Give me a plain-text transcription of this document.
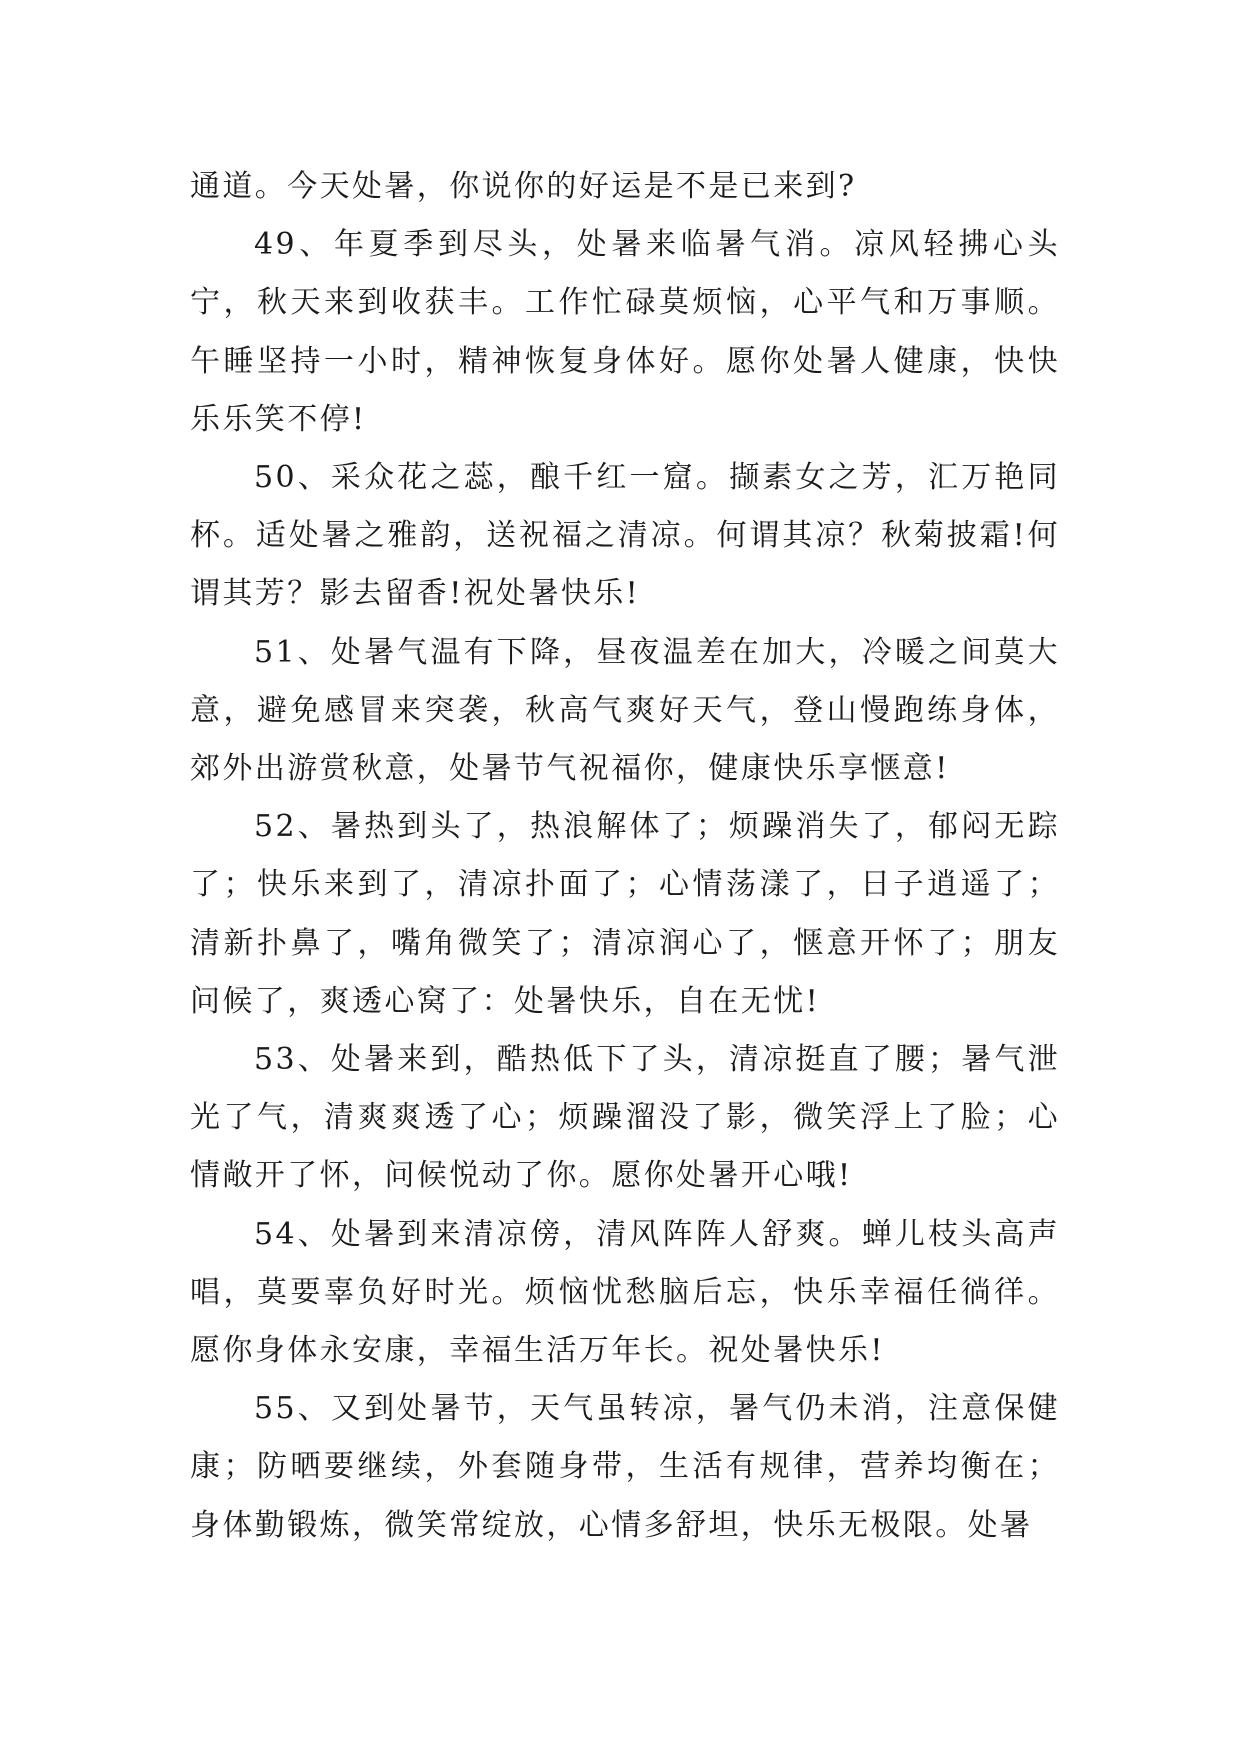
通道。今天处暑，你说你的好运是不是已来到?

49、年夏季到尽头，处暑来临暑气消。凉风轻拂心头宁，秋天来到收获丰。工作忙碌莫烦恼，心平气和万事顺。午睡坚持一小时，精神恢复身体好。愿你处暑人健康，快快乐乐笑不停!

50、采众花之蕊，酿千红一窟。撷素女之芳，汇万艳同杯。适处暑之雅韵，送祝福之清凉。何谓其凉？秋菊披霜!何谓其芳？影去留香!祝处暑快乐!

51、处暑气温有下降，昼夜温差在加大，冷暖之间莫大意，避免感冒来突袭，秋高气爽好天气，登山慢跑练身体，郊外出游赏秋意，处暑节气祝福你，健康快乐享惬意!

52、暑热到头了，热浪解体了；烦躁消失了，郁闷无踪了；快乐来到了，清凉扑面了；心情荡漾了，日子逍遥了；清新扑鼻了，嘴角微笑了；清凉润心了，惬意开怀了；朋友问候了，爽透心窝了：处暑快乐，自在无忧!

53、处暑来到，酷热低下了头，清凉挺直了腰；暑气泄光了气，清爽爽透了心；烦躁溜没了影，微笑浮上了脸；心情敞开了怀，问候悦动了你。愿你处暑开心哦!

54、处暑到来清凉傍，清风阵阵人舒爽。蝉儿枝头高声唱，莫要辜负好时光。烦恼忧愁脑后忘，快乐幸福任徜徉。愿你身体永安康，幸福生活万年长。祝处暑快乐!

55、又到处暑节，天气虽转凉，暑气仍未消，注意保健康；防晒要继续，外套随身带，生活有规律，营养均衡在；身体勤锻炼，微笑常绽放，心情多舒坦，快乐无极限。处暑
